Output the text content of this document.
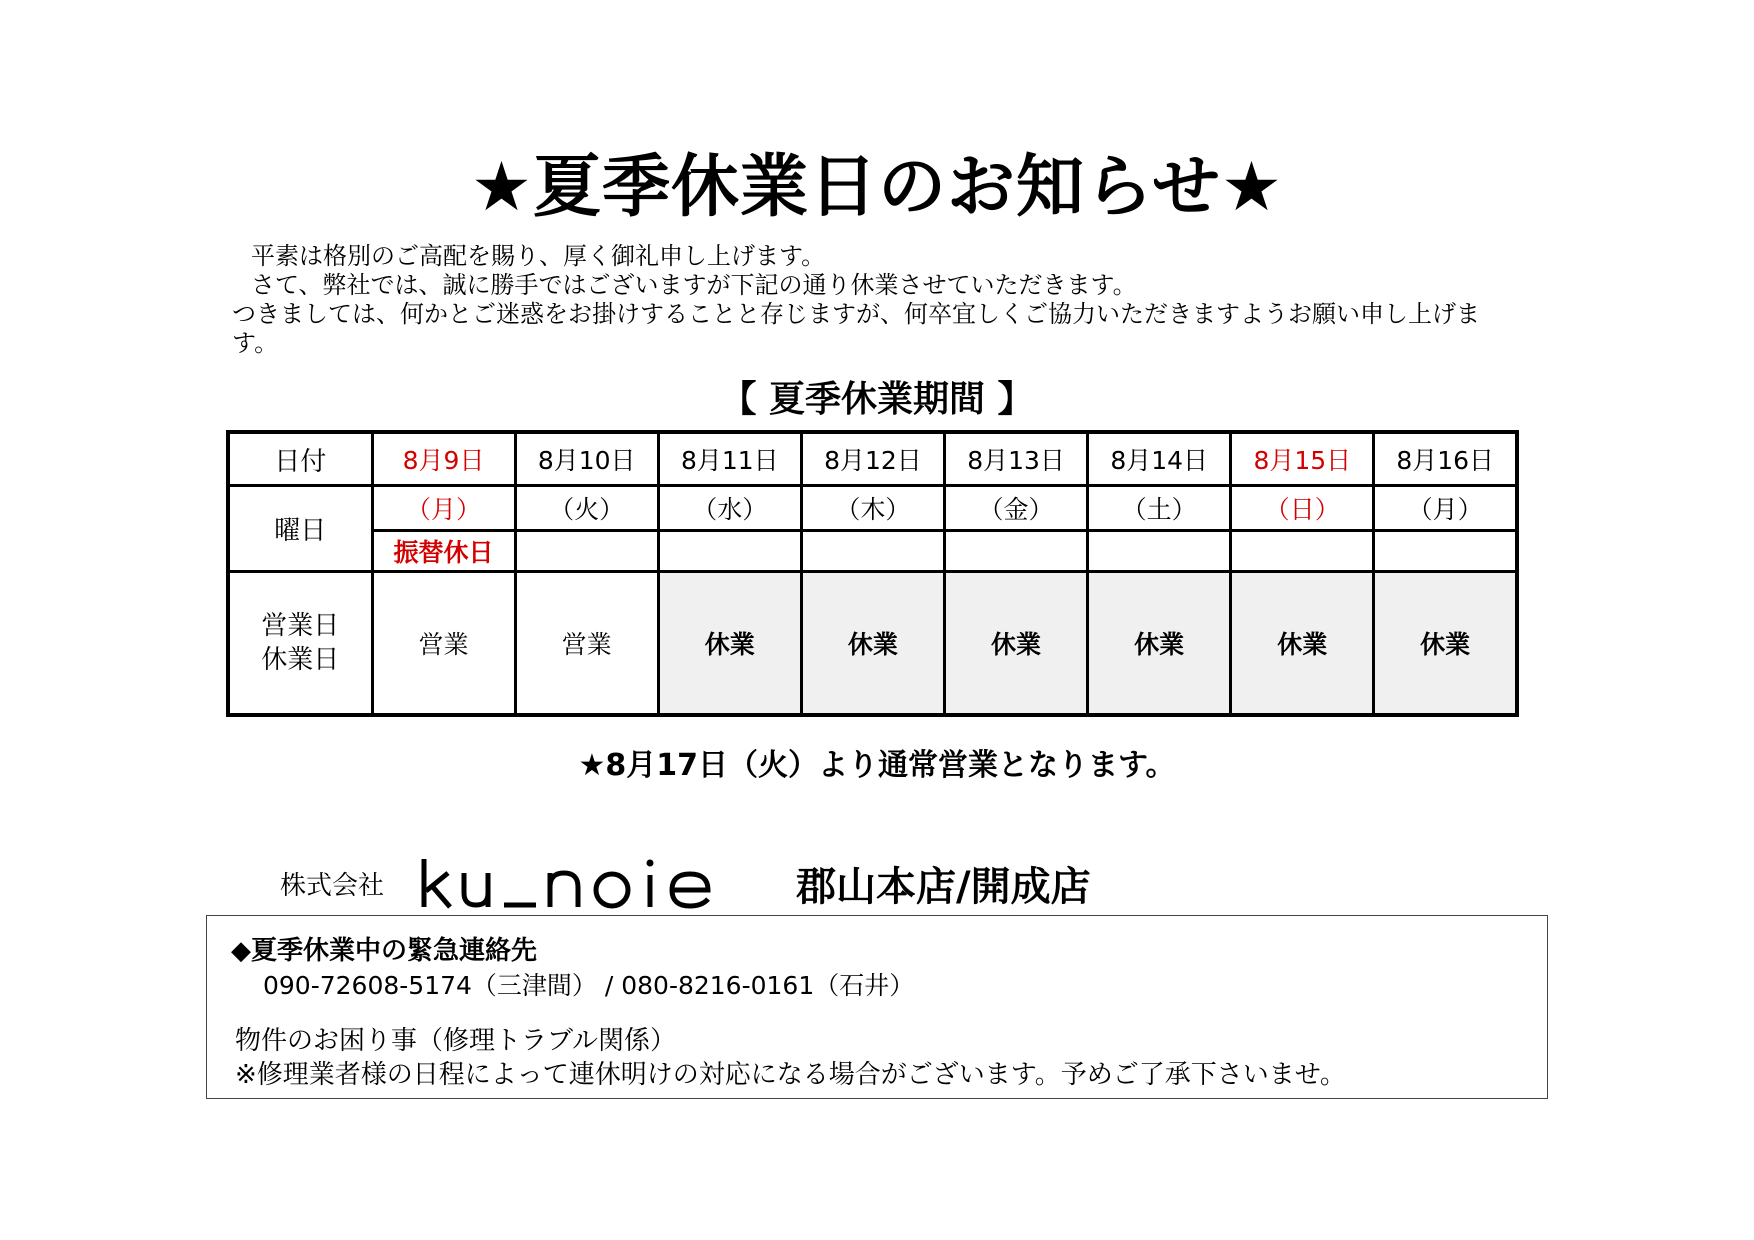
★夏季休業日のお知らせ★

平素は格別のご高配を賜り、厚く御礼申し上げます。

さて、弊社では、誠に勝手ではございますが下記の通り休業させていただきます。

つきましては、何かとご迷惑をお掛けすることと存じますが、何卒宜しくご協力いただきますようお願い申し上げます。

【 夏季休業期間 】
日付	8月9日	8月10日	8月11日	8月12日	8月13日	8月14日	8月15日	8月16日
曜日	（月）	（火）	（水）	（木）	（金）	（土）	（日）	（月）
	振替休日							
営業日
休業日	営業	営業	休業	休業	休業	休業	休業	休業
★8月17日（火）より通常営業となります。
株式会社	郡山本店/開成店
◆夏季休業中の緊急連絡先
090-72608-5174（三津間） / 080-8216-0161（石井）
物件のお困り事（修理トラブル関係）
※修理業者様の日程によって連休明けの対応になる場合がございます。予めご了承下さいませ。
